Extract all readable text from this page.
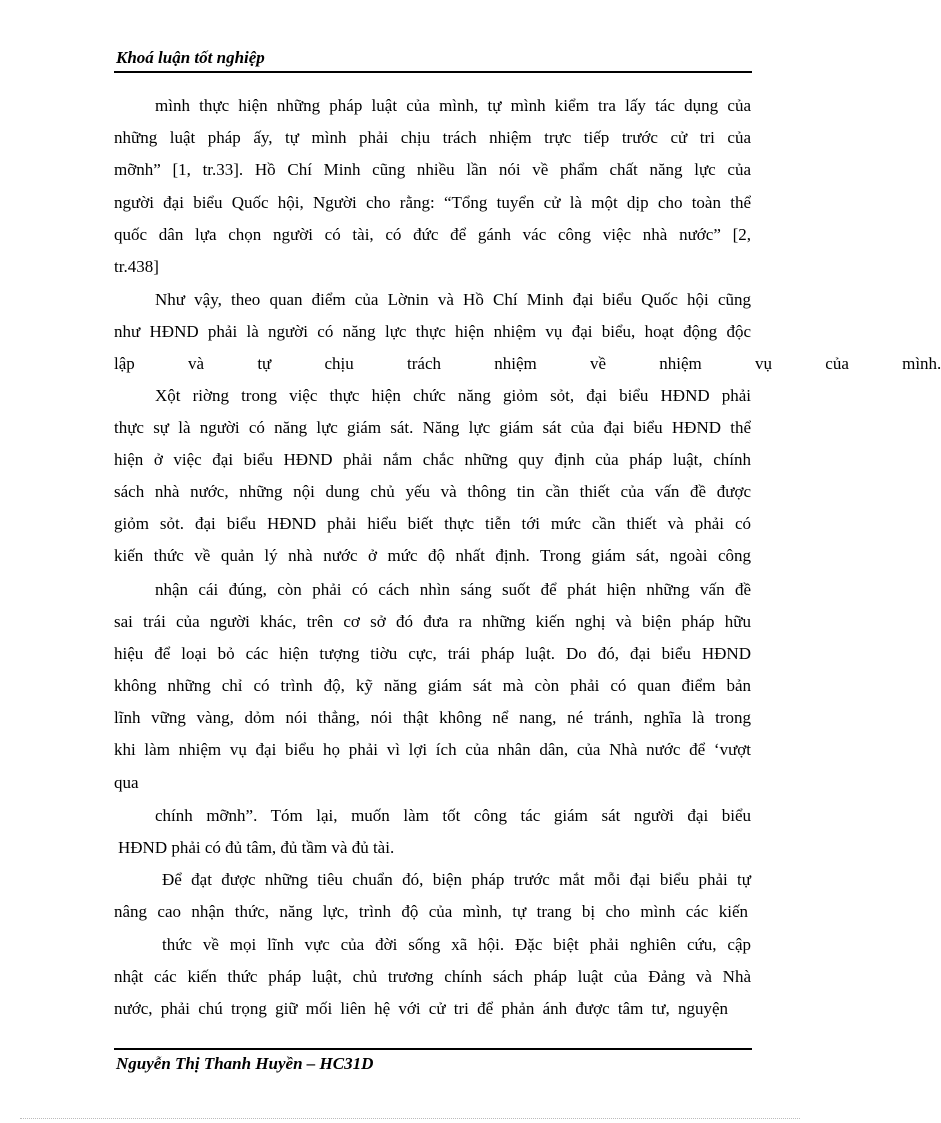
Khoá luận tốt nghiệp
mình thực hiện những pháp luật của mình, tự mình kiểm tra lấy tác dụng của
những luật pháp ấy, tự mình phải chịu trách nhiệm trực tiếp trước cử tri của
mỡnh” [1, tr.33]. Hồ Chí Minh cũng nhiều lần nói về phẩm chất năng lực của
người đại biểu Quốc hội, Người cho rằng: “Tổng tuyển cử là một dịp cho toàn thể
quốc dân lựa chọn người có tài, có đức để gánh vác công việc nhà nước” [2,
tr.438]
Như vậy, theo quan điểm của Lờnin và Hồ Chí Minh đại biểu Quốc hội cũng
như HĐND phải là người có năng lực thực hiện nhiệm vụ đại biểu, hoạt động độc
lập và tự chịu trách nhiệm về nhiệm vụ của mình.
Xột riờng trong việc thực hiện chức năng giỏm sỏt, đại biểu HĐND phải
thực sự là người có năng lực giám sát. Năng lực giám sát của đại biểu HĐND thể
hiện ở việc đại biểu HĐND phải nắm chắc những quy định của pháp luật, chính
sách nhà nước, những nội dung chủ yếu và thông tin cần thiết của vấn đề được
giỏm sỏt. đại biểu HĐND phải hiểu biết thực tiễn tới mức cần thiết và phải có
kiến thức về quản lý nhà nước ở mức độ nhất định. Trong giám sát, ngoài công
nhận cái đúng, còn phải có cách nhìn sáng suốt để phát hiện những vấn đề
sai trái của người khác, trên cơ sở đó đưa ra những kiến nghị và biện pháp hữu
hiệu để loại bỏ các hiện tượng tiờu cực, trái pháp luật. Do đó, đại biểu HĐND
không những chỉ có trình độ, kỹ năng giám sát mà còn phải có quan điểm bản
lĩnh vững vàng, dỏm nói thẳng, nói thật không nể nang, né tránh, nghĩa là trong
khi làm nhiệm vụ đại biểu họ phải vì lợi ích của nhân dân, của Nhà nước để ‘vượt
qua
chính mỡnh”. Tóm lại, muốn làm tốt công tác giám sát người đại biểu
HĐND phải có đủ tâm, đủ tầm và đủ tài.
Để đạt được những tiêu chuẩn đó, biện pháp trước mắt mỗi đại biểu phải tự
nâng cao nhận thức, năng lực, trình độ của mình, tự trang bị cho mình các kiến
thức về mọi lĩnh vực của đời sống xã hội. Đặc biệt phải nghiên cứu, cập
nhật các kiến thức pháp luật, chủ trương chính sách pháp luật của Đảng và Nhà
nước, phải chú trọng giữ mối liên hệ với cử tri để phản ánh được tâm tư, nguyện
Nguyễn Thị Thanh Huyền – HC31D
